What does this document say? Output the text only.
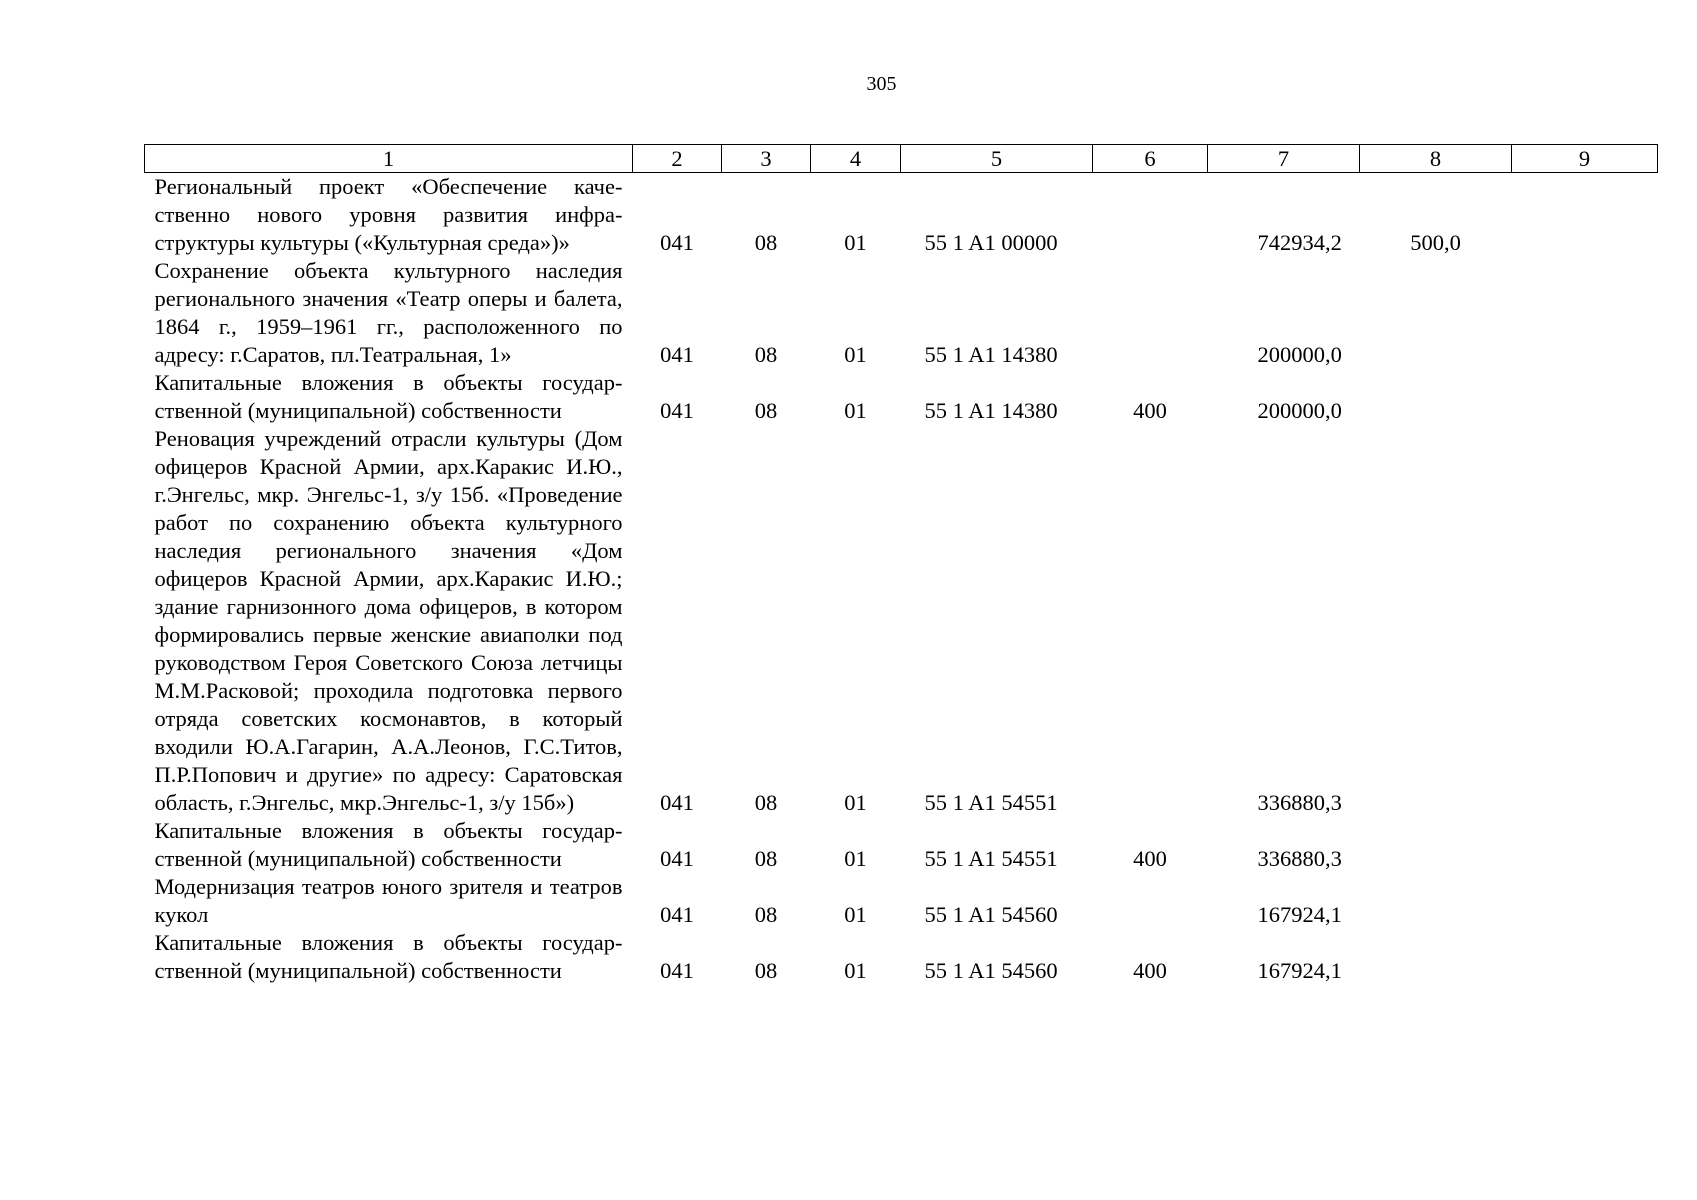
305
1	2	3	4	5	6	7	8	9
Региональный проект «Обеспечение качественно нового уровня развития инфраструктуры культуры («Культурная среда»)»	041	08	01	55 1 A1 00000		742934,2	500,0	
Сохранение объекта культурного наследия регионального значения «Театр оперы и балета, 1864 г., 1959–1961 гг., расположенного по адресу: г.Саратов, пл.Театральная, 1»	041	08	01	55 1 A1 14380		200000,0		
Капитальные вложения в объекты государственной (муниципальной) собственности	041	08	01	55 1 A1 14380	400	200000,0		
Реновация учреждений отрасли культуры (Дом офицеров Красной Армии, арх.Каракис И.Ю., г.Энгельс, мкр. Энгельс-1, з/у 15б. «Проведение работ по сохранению объекта культурного наследия регионального значения «Дом офицеров Красной Армии, арх.Каракис И.Ю.; здание гарнизонного дома офицеров, в котором формировались первые женские авиаполки под руководством Героя Советского Союза летчицы М.М.Расковой; проходила подготовка первого отряда советских космонавтов, в который входили Ю.А.Гагарин, А.А.Леонов, Г.С.Титов, П.Р.Попович и другие» по адресу: Саратовская область, г.Энгельс, мкр.Энгельс-1, з/у 15б»)	041	08	01	55 1 A1 54551		336880,3		
Капитальные вложения в объекты государственной (муниципальной) собственности	041	08	01	55 1 A1 54551	400	336880,3		
Модернизация театров юного зрителя и театров кукол	041	08	01	55 1 A1 54560		167924,1		
Капитальные вложения в объекты государственной (муниципальной) собственности	041	08	01	55 1 A1 54560	400	167924,1		
